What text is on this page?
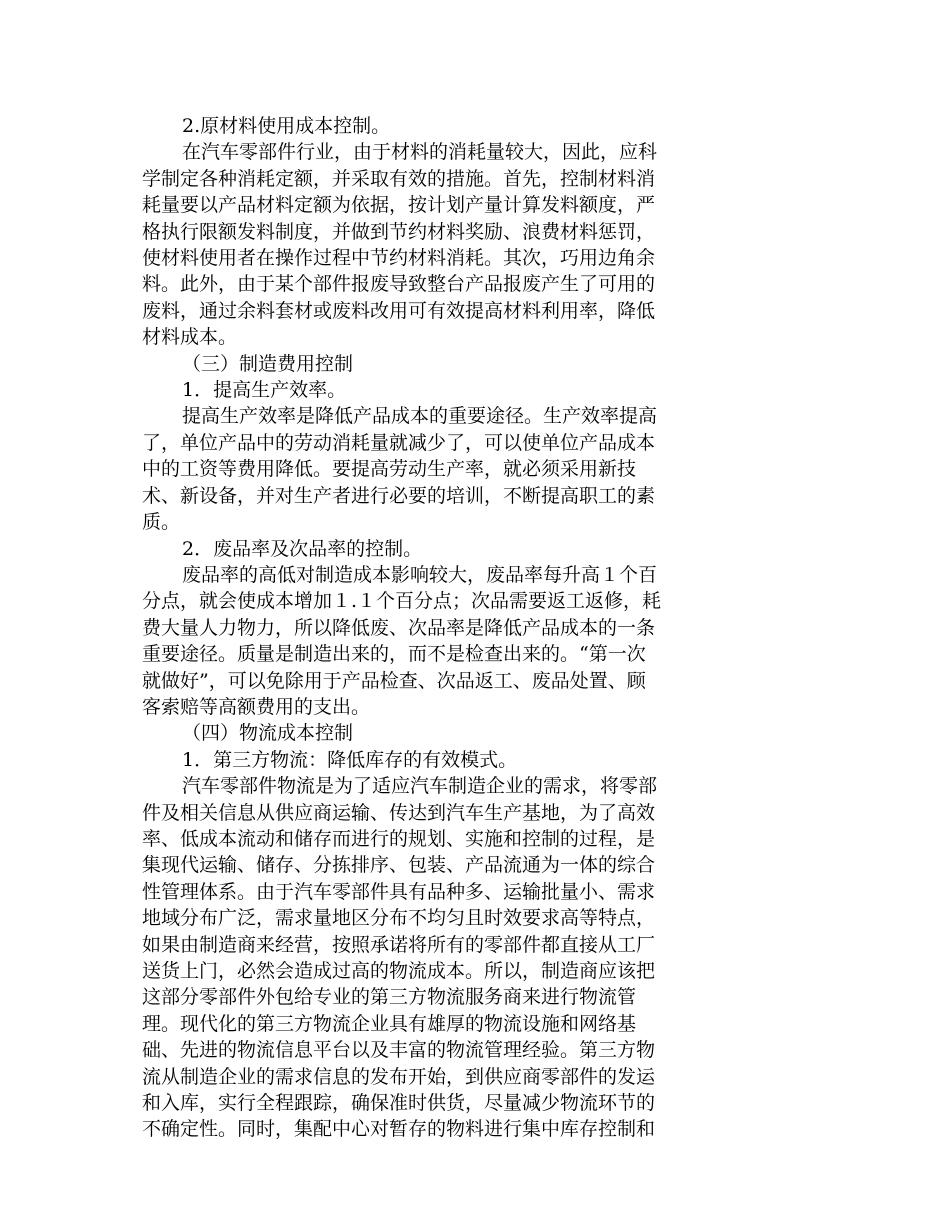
2.原材料使用成本控制。
在汽车零部件行业，由于材料的消耗量较大，因此，应科
学制定各种消耗定额，并采取有效的措施。首先，控制材料消
耗量要以产品材料定额为依据，按计划产量计算发料额度，严
格执行限额发料制度，并做到节约材料奖励、浪费材料惩罚，
使材料使用者在操作过程中节约材料消耗。其次，巧用边角余
料。此外，由于某个部件报废导致整台产品报废产生了可用的
废料，通过余料套材或废料改用可有效提高材料利用率，降低
材料成本。
（三）制造费用控制
1．提高生产效率。
提高生产效率是降低产品成本的重要途径。生产效率提高
了，单位产品中的劳动消耗量就减少了，可以使单位产品成本
中的工资等费用降低。要提高劳动生产率，就必须采用新技
术、新设备，并对生产者进行必要的培训，不断提高职工的素
质。
2．废品率及次品率的控制。
废品率的高低对制造成本影响较大，废品率每升高１个百
分点，就会使成本增加１.１个百分点；次品需要返工返修，耗
费大量人力物力，所以降低废、次品率是降低产品成本的一条
重要途径。质量是制造出来的，而不是检查出来的。“第一次
就做好”，可以免除用于产品检查、次品返工、废品处置、顾
客索赔等高额费用的支出。
（四）物流成本控制
1．第三方物流：降低库存的有效模式。
汽车零部件物流是为了适应汽车制造企业的需求，将零部
件及相关信息从供应商运输、传达到汽车生产基地，为了高效
率、低成本流动和储存而进行的规划、实施和控制的过程，是
集现代运输、储存、分拣排序、包装、产品流通为一体的综合
性管理体系。由于汽车零部件具有品种多、运输批量小、需求
地域分布广泛，需求量地区分布不均匀且时效要求高等特点，
如果由制造商来经营，按照承诺将所有的零部件都直接从工厂
送货上门，必然会造成过高的物流成本。所以，制造商应该把
这部分零部件外包给专业的第三方物流服务商来进行物流管
理。现代化的第三方物流企业具有雄厚的物流设施和网络基
础、先进的物流信息平台以及丰富的物流管理经验。第三方物
流从制造企业的需求信息的发布开始，到供应商零部件的发运
和入库，实行全程跟踪，确保准时供货，尽量减少物流环节的
不确定性。同时，集配中心对暂存的物料进行集中库存控制和
